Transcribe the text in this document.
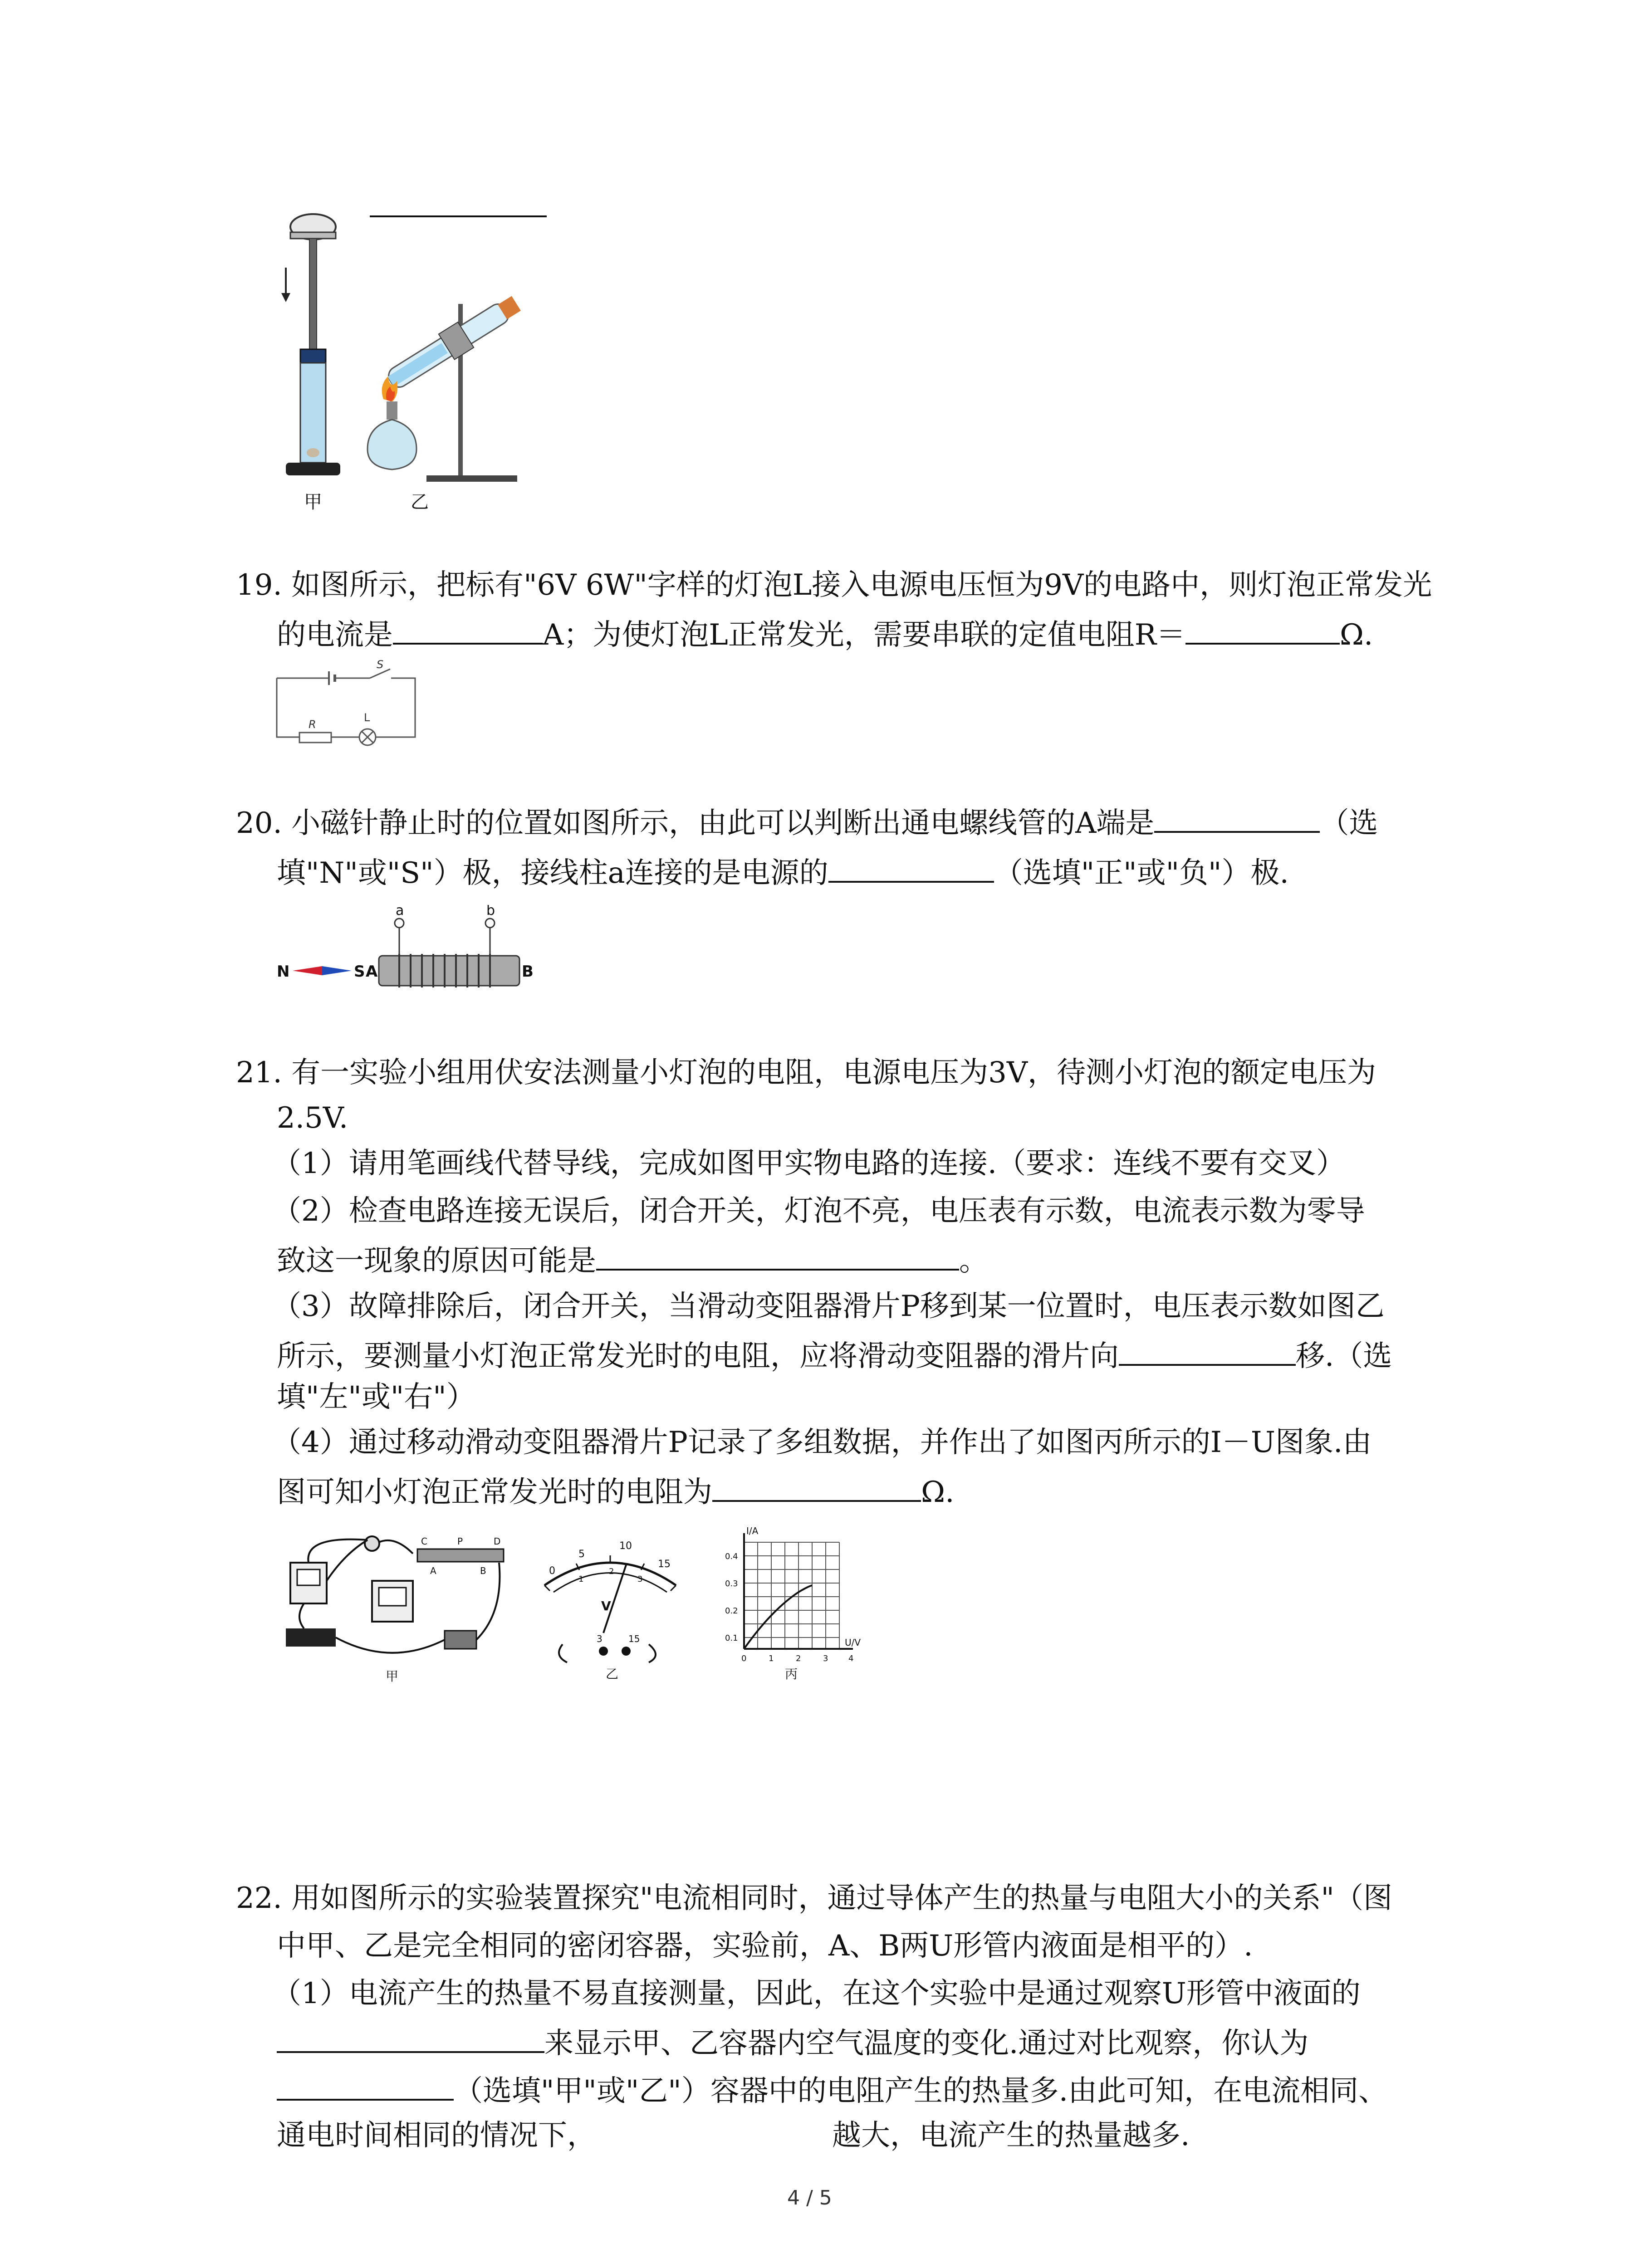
甲	乙
19. 如图所示，把标有"6V 6W"字样的灯泡L接入电源电压恒为9V的电路中，则灯泡正常发光
的电流是	A；为使灯泡L正常发光，需要串联的定值电阻R＝	Ω.
S
R
L
20. 小磁针静止时的位置如图所示，由此可以判断出通电螺线管的A端是	（选
填"N"或"S"）极，接线柱a连接的是电源的	（选填"正"或"负"）极.
N	S A
a	b
B
21. 有一实验小组用伏安法测量小灯泡的电阻，电源电压为3V，待测小灯泡的额定电压为
2.5V.
（1）请用笔画线代替导线，完成如图甲实物电路的连接.（要求：连线不要有交叉）
（2）检查电路连接无误后，闭合开关，灯泡不亮，电压表有示数，电流表示数为零导
致这一现象的原因可能是	。
（3）故障排除后，闭合开关，当滑动变阻器滑片P移到某一位置时，电压表示数如图乙
所示，要测量小灯泡正常发光时的电阻，应将滑动变阻器的滑片向	移.（选
填"左"或"右"）
（4）通过移动滑动变阻器滑片P记录了多组数据，并作出了如图丙所示的Ⅰ－U图象.由
图可知小灯泡正常发光时的电阻为	Ω.
C	P	D
A	B
甲
0
5
10
15
1
2
3
V
3	15
乙
I/A
U/V
0.4
0.3
0.2
0.1
0	1	2	3 4
丙
22. 用如图所示的实验装置探究"电流相同时，通过导体产生的热量与电阻大小的关系"（图
中甲、乙是完全相同的密闭容器，实验前，A、B两U形管内液面是相平的）.
（1）电流产生的热量不易直接测量，因此，在这个实验中是通过观察U形管中液面的
来显示甲、乙容器内空气温度的变化.通过对比观察，你认为
（选填"甲"或"乙"）容器中的电阻产生的热量多.由此可知，在电流相同、
通电时间相同的情况下，	越大，电流产生的热量越多.
4 / 5
